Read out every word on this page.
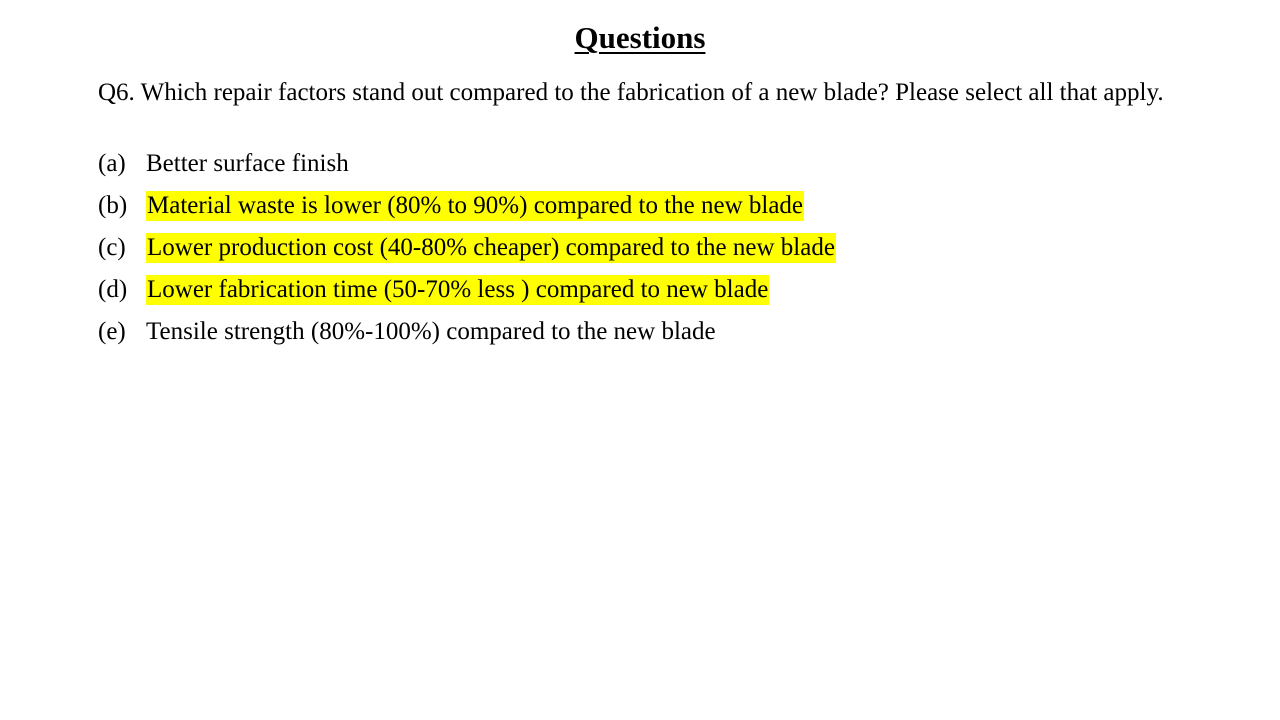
Questions
Q6. Which repair factors stand out compared to the fabrication of a new blade? Please select all that apply.
(a) Better surface finish
(b) Material waste is lower (80% to 90%) compared to the new blade
(c) Lower production cost (40-80% cheaper) compared to the new blade
(d) Lower fabrication time (50-70% less ) compared to new blade
(e) Tensile strength (80%-100%) compared to the new blade
